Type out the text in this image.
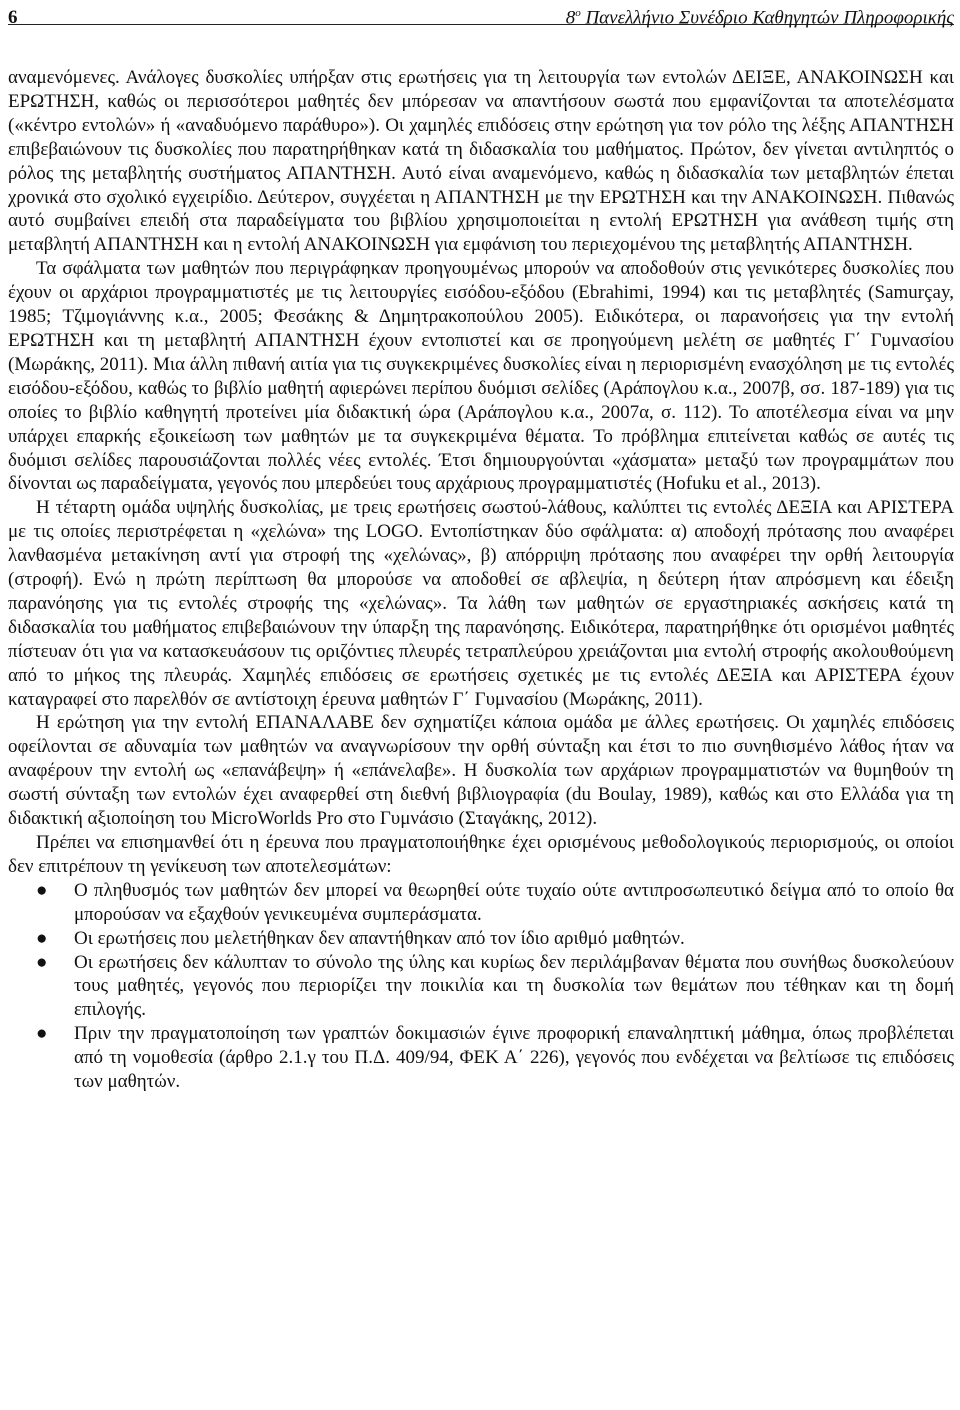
6	$8^o$ Πανελλήνιο Συνέδριο Καθηγητών Πληροφορικής

αναμενόμενες. Ανάλογες δυσκολίες υπήρξαν στις ερωτήσεις για τη λειτουργία των εντολών ΔΕΙΞΕ, ΑΝΑΚΟΙΝΩΣΗ και ΕΡΩΤΗΣΗ, καθώς οι περισσότεροι μαθητές δεν μπόρεσαν να απαντήσουν σωστά που εμφανίζονται τα αποτελέσματα («κέντρο εντολών» ή «αναδυόμενο παράθυρο»). Οι χαμηλές επιδόσεις στην ερώτηση για τον ρόλο της λέξης ΑΠΑΝΤΗΣΗ επιβεβαιώνουν τις δυσκολίες που παρατηρήθηκαν κατά τη διδασκαλία του μαθήματος. Πρώτον, δεν γίνεται αντιληπτός ο ρόλος της μεταβλητής συστήματος ΑΠΑΝΤΗΣΗ. Αυτό είναι αναμενόμενο, καθώς η διδασκαλία των μεταβλητών έπεται χρονικά στο σχολικό εγχειρίδιο. Δεύτερον, συγχέεται η ΑΠΑΝΤΗΣΗ με την ΕΡΩΤΗΣΗ και την ΑΝΑΚΟΙΝΩΣΗ. Πιθανώς αυτό συμβαίνει επειδή στα παραδείγματα του βιβλίου χρησιμοποιείται η εντολή ΕΡΩΤΗΣΗ για ανάθεση τιμής στη μεταβλητή ΑΠΑΝΤΗΣΗ και η εντολή ΑΝΑΚΟΙΝΩΣΗ για εμφάνιση του περιεχομένου της μεταβλητής ΑΠΑΝΤΗΣΗ.

Τα σφάλματα των μαθητών που περιγράφηκαν προηγουμένως μπορούν να αποδοθούν στις γενικότερες δυσκολίες που έχουν οι αρχάριοι προγραμματιστές με τις λειτουργίες εισόδου-εξόδου (Ebrahimi, 1994) και τις μεταβλητές (Samurçay, 1985; Τζιμογιάννης κ.α., 2005; Φεσάκης & Δημητρακοπούλου 2005). Ειδικότερα, οι παρανοήσεις για την εντολή ΕΡΩΤΗΣΗ και τη μεταβλητή ΑΠΑΝΤΗΣΗ έχουν εντοπιστεί και σε προηγούμενη μελέτη σε μαθητές Γ΄ Γυμνασίου (Μωράκης, 2011). Μια άλλη πιθανή αιτία για τις συγκεκριμένες δυσκολίες είναι η περιορισμένη ενασχόληση με τις εντολές εισόδου-εξόδου, καθώς το βιβλίο μαθητή αφιερώνει περίπου δυόμισι σελίδες (Αράπογλου κ.α., 2007β, σσ. 187-189) για τις οποίες το βιβλίο καθηγητή προτείνει μία διδακτική ώρα (Αράπογλου κ.α., 2007α, σ. 112). Το αποτέλεσμα είναι να μην υπάρχει επαρκής εξοικείωση των μαθητών με τα συγκεκριμένα θέματα. Το πρόβλημα επιτείνεται καθώς σε αυτές τις δυόμισι σελίδες παρουσιάζονται πολλές νέες εντολές. Έτσι δημιουργούνται «χάσματα» μεταξύ των προγραμμάτων που δίνονται ως παραδείγματα, γεγονός που μπερδεύει τους αρχάριους προγραμματιστές (Hofuku et al., 2013).

Η τέταρτη ομάδα υψηλής δυσκολίας, με τρεις ερωτήσεις σωστού-λάθους, καλύπτει τις εντολές ΔΕΞΙΑ και ΑΡΙΣΤΕΡΑ με τις οποίες περιστρέφεται η «χελώνα» της LOGO. Εντοπίστηκαν δύο σφάλματα: α) αποδοχή πρότασης που αναφέρει λανθασμένα μετακίνηση αντί για στροφή της «χελώνας», β) απόρριψη πρότασης που αναφέρει την ορθή λειτουργία (στροφή). Ενώ η πρώτη περίπτωση θα μπορούσε να αποδοθεί σε αβλεψία, η δεύτερη ήταν απρόσμενη και έδειξη παρανόησης για τις εντολές στροφής της «χελώνας». Τα λάθη των μαθητών σε εργαστηριακές ασκήσεις κατά τη διδασκαλία του μαθήματος επιβεβαιώνουν την ύπαρξη της παρανόησης. Ειδικότερα, παρατηρήθηκε ότι ορισμένοι μαθητές πίστευαν ότι για να κατασκευάσουν τις οριζόντιες πλευρές τετραπλεύρου χρειάζονται μια εντολή στροφής ακολουθούμενη από το μήκος της πλευράς. Χαμηλές επιδόσεις σε ερωτήσεις σχετικές με τις εντολές ΔΕΞΙΑ και ΑΡΙΣΤΕΡΑ έχουν καταγραφεί στο παρελθόν σε αντίστοιχη έρευνα μαθητών Γ΄ Γυμνασίου (Μωράκης, 2011).

Η ερώτηση για την εντολή ΕΠΑΝΑΛΑΒΕ δεν σχηματίζει κάποια ομάδα με άλλες ερωτήσεις. Οι χαμηλές επιδόσεις οφείλονται σε αδυναμία των μαθητών να αναγνωρίσουν την ορθή σύνταξη και έτσι το πιο συνηθισμένο λάθος ήταν να αναφέρουν την εντολή ως «επανάβεψη» ή «επάνελαβε». Η δυσκολία των αρχάριων προγραμματιστών να θυμηθούν τη σωστή σύνταξη των εντολών έχει αναφερθεί στη διεθνή βιβλιογραφία (du Boulay, 1989), καθώς και στο Ελλάδα για τη διδακτική αξιοποίηση του MicroWorlds Pro στο Γυμνάσιο (Σταγάκης, 2012).

Πρέπει να επισημανθεί ότι η έρευνα που πραγματοποιήθηκε έχει ορισμένους μεθοδολογικούς περιορισμούς, οι οποίοι δεν επιτρέπουν τη γενίκευση των αποτελεσμάτων:

● Ο πληθυσμός των μαθητών δεν μπορεί να θεωρηθεί ούτε τυχαίο ούτε αντιπροσωπευτικό δείγμα από το οποίο θα μπορούσαν να εξαχθούν γενικευμένα συμπεράσματα.
● Οι ερωτήσεις που μελετήθηκαν δεν απαντήθηκαν από τον ίδιο αριθμό μαθητών.
● Οι ερωτήσεις δεν κάλυπταν το σύνολο της ύλης και κυρίως δεν περιλάμβαναν θέματα που συνήθως δυσκολεύουν τους μαθητές, γεγονός που περιορίζει την ποικιλία και τη δυσκολία των θεμάτων που τέθηκαν και τη δομή επιλογής.
● Πριν την πραγματοποίηση των γραπτών δοκιμασιών έγινε προφορική επαναληπτική μάθημα, όπως προβλέπεται από τη νομοθεσία (άρθρο 2.1.γ του Π.Δ. 409/94, ΦΕΚ Α΄ 226), γεγονός που ενδέχεται να βελτίωσε τις επιδόσεις των μαθητών.
